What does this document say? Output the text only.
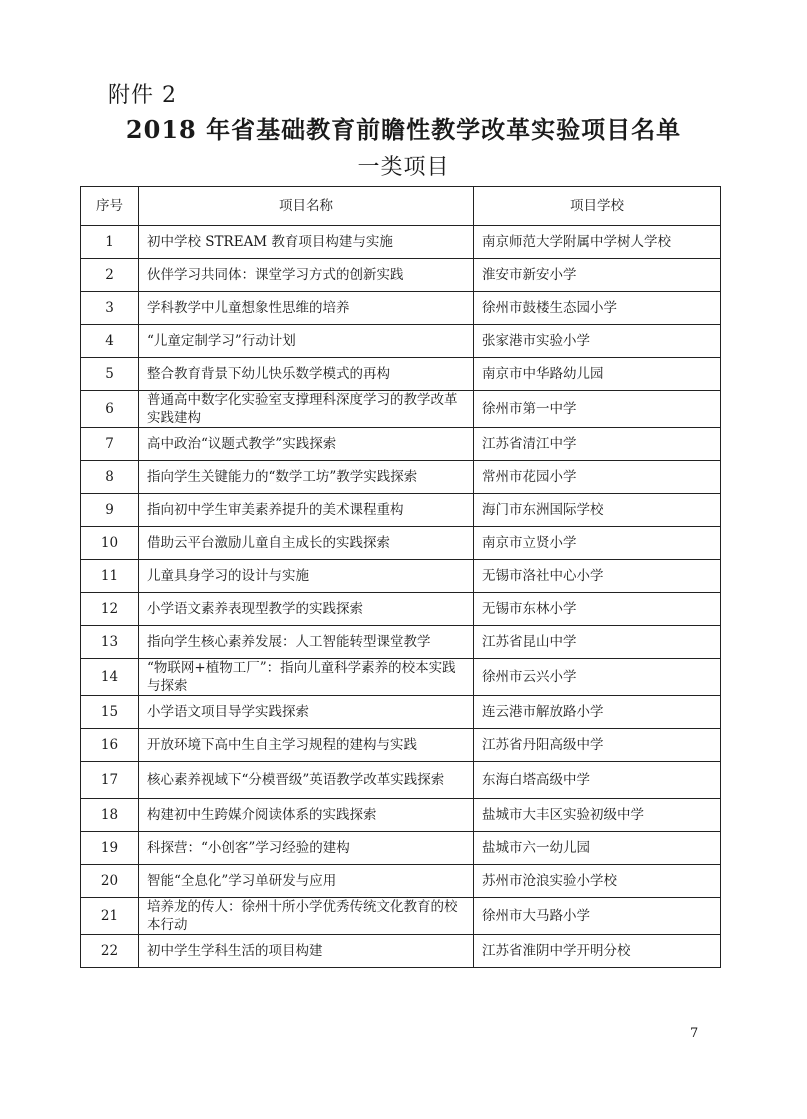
附件 2
2018 年省基础教育前瞻性教学改革实验项目名单
一类项目
序号	项目名称	项目学校
1	初中学校 STREAM 教育项目构建与实施	南京师范大学附属中学树人学校
2	伙伴学习共同体：课堂学习方式的创新实践	淮安市新安小学
3	学科教学中儿童想象性思维的培养	徐州市鼓楼生态园小学
4	“儿童定制学习”行动计划	张家港市实验小学
5	整合教育背景下幼儿快乐数学模式的再构	南京市中华路幼儿园
6	普通高中数字化实验室支撑理科深度学习的教学改革实践建构	徐州市第一中学
7	高中政治“议题式教学”实践探索	江苏省清江中学
8	指向学生关键能力的“数学工坊”教学实践探索	常州市花园小学
9	指向初中学生审美素养提升的美术课程重构	海门市东洲国际学校
10	借助云平台激励儿童自主成长的实践探索	南京市立贤小学
11	儿童具身学习的设计与实施	无锡市洛社中心小学
12	小学语文素养表现型教学的实践探索	无锡市东林小学
13	指向学生核心素养发展：人工智能转型课堂教学	江苏省昆山中学
14	“物联网+植物工厂”：指向儿童科学素养的校本实践与探索	徐州市云兴小学
15	小学语文项目导学实践探索	连云港市解放路小学
16	开放环境下高中生自主学习规程的建构与实践	江苏省丹阳高级中学
17	核心素养视域下“分模晋级”英语教学改革实践探索	东海白塔高级中学
18	构建初中生跨媒介阅读体系的实践探索	盐城市大丰区实验初级中学
19	科探营：“小创客”学习经验的建构	盐城市六一幼儿园
20	智能“全息化”学习单研发与应用	苏州市沧浪实验小学校
21	培养龙的传人：徐州十所小学优秀传统文化教育的校本行动	徐州市大马路小学
22	初中学生学科生活的项目构建	江苏省淮阴中学开明分校
7
